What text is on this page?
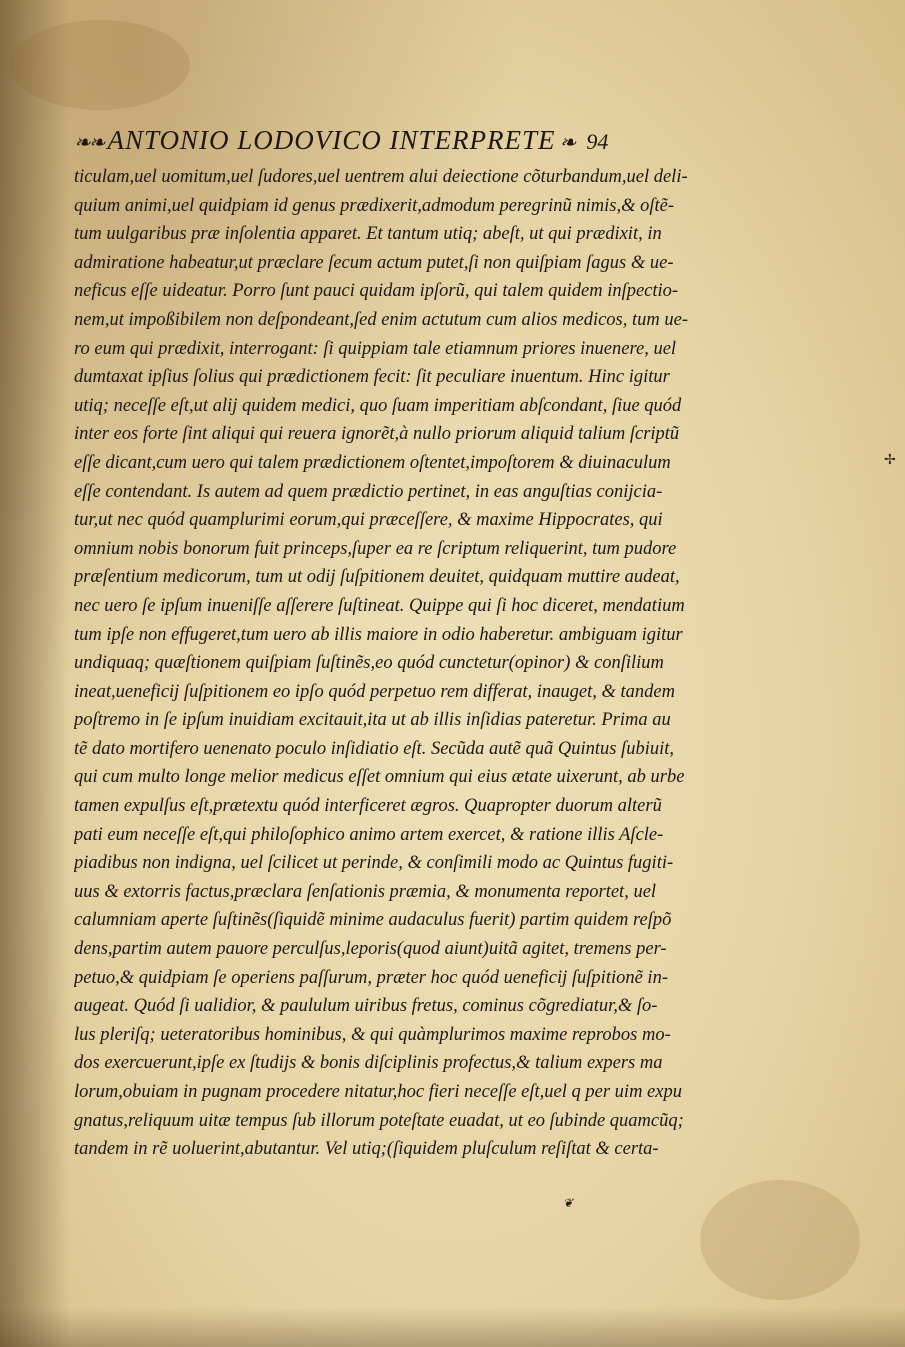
❧❧ ANTONIO LODOVICO INTERPRETE ❧ 94
ticulam,uel uomitum,uel ſudores,uel uentrem alui deiectione cõturbandum,uel deli-
quium animi,uel quidpiam id genus prædixerit,admodum peregrinũ nimis,& oſtẽ-
tum uulgaribus præ inſolentia apparet. Et tantum utiq; abeſt, ut qui prædixit, in
admiratione habeatur,ut præclare ſecum actum putet,ſi non quiſpiam ſagus & ue-
neficus eſſe uideatur. Porro ſunt pauci quidam ipſorũ, qui talem quidem inſpectio-
nem,ut impoßibilem non deſpondeant,ſed enim actutum cum alios medicos, tum ue-
ro eum qui prædixit, interrogant: ſi quippiam tale etiamnum priores inuenere, uel
dumtaxat ipſius ſolius qui prædictionem fecit: ſit peculiare inuentum. Hinc igitur
utiq; neceſſe eſt,ut alij quidem medici, quo ſuam imperitiam abſcondant, ſiue quód
inter eos forte ſint aliqui qui reuera ignorẽt,à nullo priorum aliquid talium ſcriptũ
eſſe dicant,cum uero qui talem prædictionem oſtentet,impoſtorem & diuinaculum
eſſe contendant. Is autem ad quem prædictio pertinet, in eas anguſtias conijcia-
tur,ut nec quód quamplurimi eorum,qui præceſſere, & maxime Hippocrates, qui
omnium nobis bonorum fuit princeps,ſuper ea re ſcriptum reliquerint, tum pudore
præſentium medicorum, tum ut odij ſuſpitionem deuitet, quidquam muttire audeat,
nec uero ſe ipſum inueniſſe aſſerere ſuſtineat. Quippe qui ſi hoc diceret, mendatium
tum ipſe non effugeret,tum uero ab illis maiore in odio haberetur. ambiguam igitur
undiquaq; quæſtionem quiſpiam ſuſtinẽs,eo quód cunctetur(opinor) & conſilium
ineat,ueneficij ſuſpitionem eo ipſo quód perpetuo rem differat, inauget, & tandem
poſtremo in ſe ipſum inuidiam excitauit,ita ut ab illis inſidias pateretur. Prima au
tẽ dato mortifero uenenato poculo inſidiatio eſt. Secũda autẽ quã Quintus ſubiuit,
qui cum multo longe melior medicus eſſet omnium qui eius ætate uixerunt, ab urbe
tamen expulſus eſt,prætextu quód interficeret ægros. Quapropter duorum alterũ
pati eum neceſſe eſt,qui philoſophico animo artem exercet, & ratione illis Aſcle-
piadibus non indigna, uel ſcilicet ut perinde, & conſimili modo ac Quintus fugiti-
uus & extorris factus,præclara ſenſationis præmia, & monumenta reportet, uel
calumniam aperte ſuſtinẽs(ſiquidẽ minime audaculus fuerit) partim quidem reſpõ
dens,partim autem pauore perculſus,leporis(quod aiunt)uitã agitet, tremens per-
petuo,& quidpiam ſe operiens paſſurum, præter hoc quód ueneficij ſuſpitionẽ in-
augeat. Quód ſi ualidior, & paululum uiribus fretus, cominus cõgrediatur,& ſo-
lus pleriſq; ueteratoribus hominibus, & qui quàmplurimos maxime reprobos mo-
dos exercuerunt,ipſe ex ſtudijs & bonis diſciplinis profectus,& talium expers ma
lorum,obuiam in pugnam procedere nitatur,hoc fieri neceſſe eſt,uel q per uim expu
gnatus,reliquum uitæ tempus ſub illorum poteſtate euadat, ut eo ſubinde quamcũq;
tandem in rẽ uoluerint,abutantur. Vel utiq;(ſiquidem pluſculum reſiſtat & certa-
✢
❦
